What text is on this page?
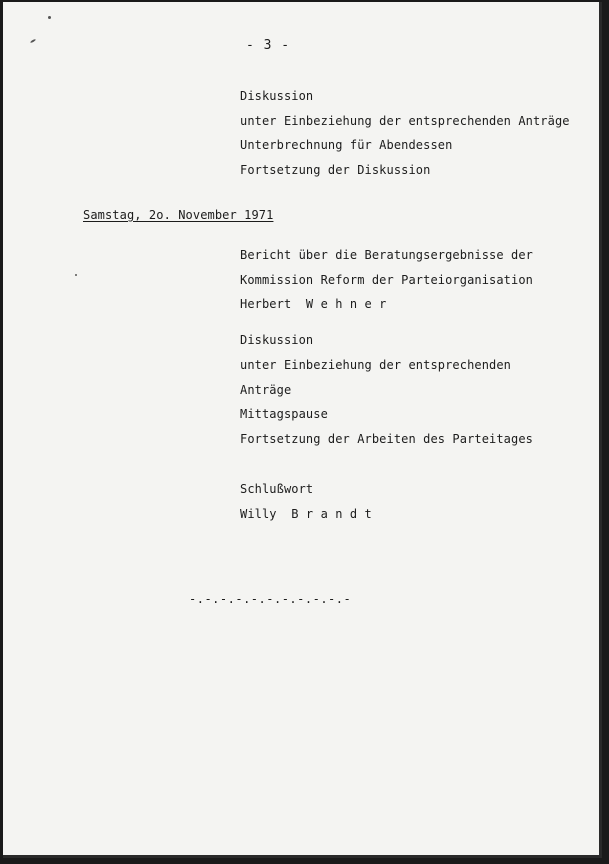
- 3 -
Diskussion
unter Einbeziehung der entsprechenden Anträge
Unterbrechnung für Abendessen
Fortsetzung der Diskussion
Samstag, 2o. November 1971
Bericht über die Beratungsergebnisse der
Kommission Reform der Parteiorganisation
Herbert  W e h n e r
Diskussion
unter Einbeziehung der entsprechenden
Anträge
Mittagspause
Fortsetzung der Arbeiten des Parteitages
Schlußwort
Willy  B r a n d t
-.-.-.-.-.-.-.-.-.-.-
